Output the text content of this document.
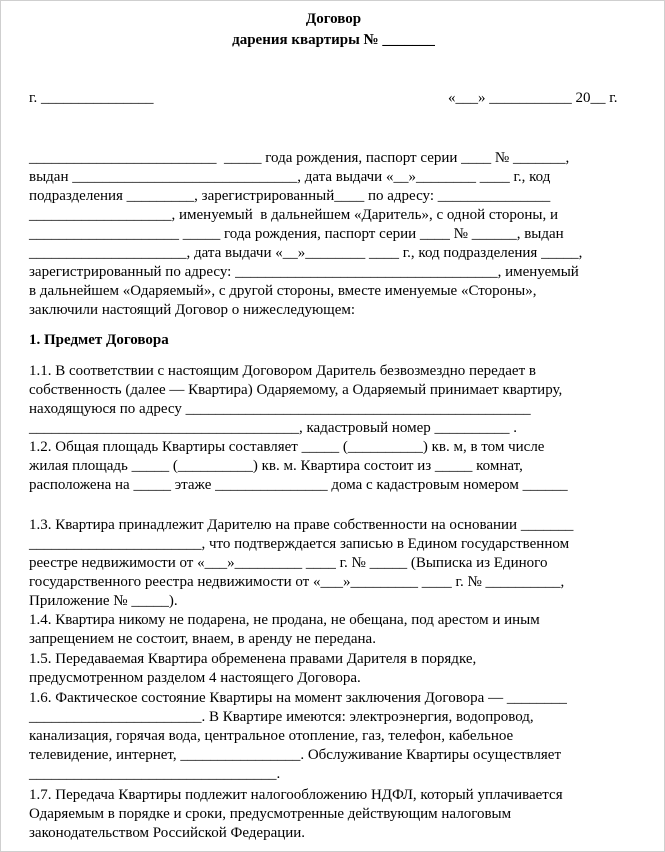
Договор
дарения квартиры № _______
г. _______________	«___» ___________ 20__ г.
_________________________  _____ года рождения, паспорт серии ____ № _______,
выдан ______________________________, дата выдачи «__»________ ____ г., код
подразделения _________, зарегистрированный____ по адресу: _______________
___________________, именуемый  в дальнейшем «Даритель», с одной стороны, и
____________________ _____ года рождения, паспорт серии ____ № ______, выдан
_____________________, дата выдачи «__»________ ____ г., код подразделения _____,
зарегистрированный по адресу: ___________________________________, именуемый
в дальнейшем «Одаряемый», с другой стороны, вместе именуемые «Стороны»,
заключили настоящий Договор о нижеследующем:
1. Предмет Договора
1.1. В соответствии с настоящим Договором Даритель безвозмездно передает в
собственность (далее — Квартира) Одаряемому, а Одаряемый принимает квартиру,
находящуюся по адресу ______________________________________________
____________________________________, кадастровый номер __________ .
1.2. Общая площадь Квартиры составляет _____ (__________) кв. м, в том числе
жилая площадь _____ (__________) кв. м. Квартира состоит из _____ комнат,
расположена на _____ этаже _______________ дома с кадастровым номером ______
1.3. Квартира принадлежит Дарителю на праве собственности на основании _______
_______________________, что подтверждается записью в Едином государственном
реестре недвижимости от «___»_________ ____ г. № _____ (Выписка из Единого
государственного реестра недвижимости от «___»_________ ____ г. № __________,
Приложение № _____).
1.4. Квартира никому не подарена, не продана, не обещана, под арестом и иным
запрещением не состоит, внаем, в аренду не передана.
1.5. Передаваемая Квартира обременена правами Дарителя в порядке,
предусмотренном разделом 4 настоящего Договора.
1.6. Фактическое состояние Квартиры на момент заключения Договора — ________
_______________________. В Квартире имеются: электроэнергия, водопровод,
канализация, горячая вода, центральное отопление, газ, телефон, кабельное
телевидение, интернет, ________________. Обслуживание Квартиры осуществляет
_________________________________.
1.7. Передача Квартиры подлежит налогообложению НДФЛ, который уплачивается
Одаряемым в порядке и сроки, предусмотренные действующим налоговым
законодательством Российской Федерации.
